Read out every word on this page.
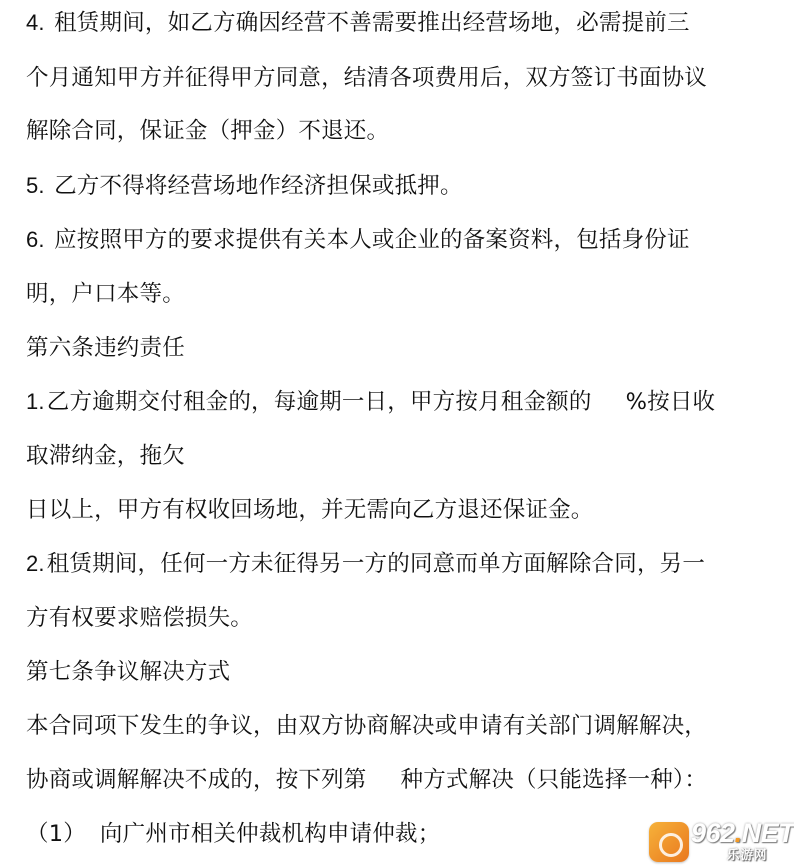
4. 租赁期间，如乙方确因经营不善需要推出经营场地，必需提前三
个月通知甲方并征得甲方同意，结清各项费用后，双方签订书面协议
解除合同，保证金（押金）不退还。
5. 乙方不得将经营场地作经济担保或抵押。
6. 应按照甲方的要求提供有关本人或企业的备案资料，包括身份证
明，户口本等。
第六条违约责任
1.乙方逾期交付租金的，每逾期一日，甲方按月租金额的 %按日收
取滞纳金，拖欠
日以上，甲方有权收回场地，并无需向乙方退还保证金。
2.租赁期间，任何一方未征得另一方的同意而单方面解除合同，另一
方有权要求赔偿损失。
第七条争议解决方式
本合同项下发生的争议，由双方协商解决或申请有关部门调解解决，
协商或调解解决不成的，按下列第 种方式解决（只能选择一种）：
（1） 向广州市相关仲裁机构申请仲裁；	962.NET
乐游网
